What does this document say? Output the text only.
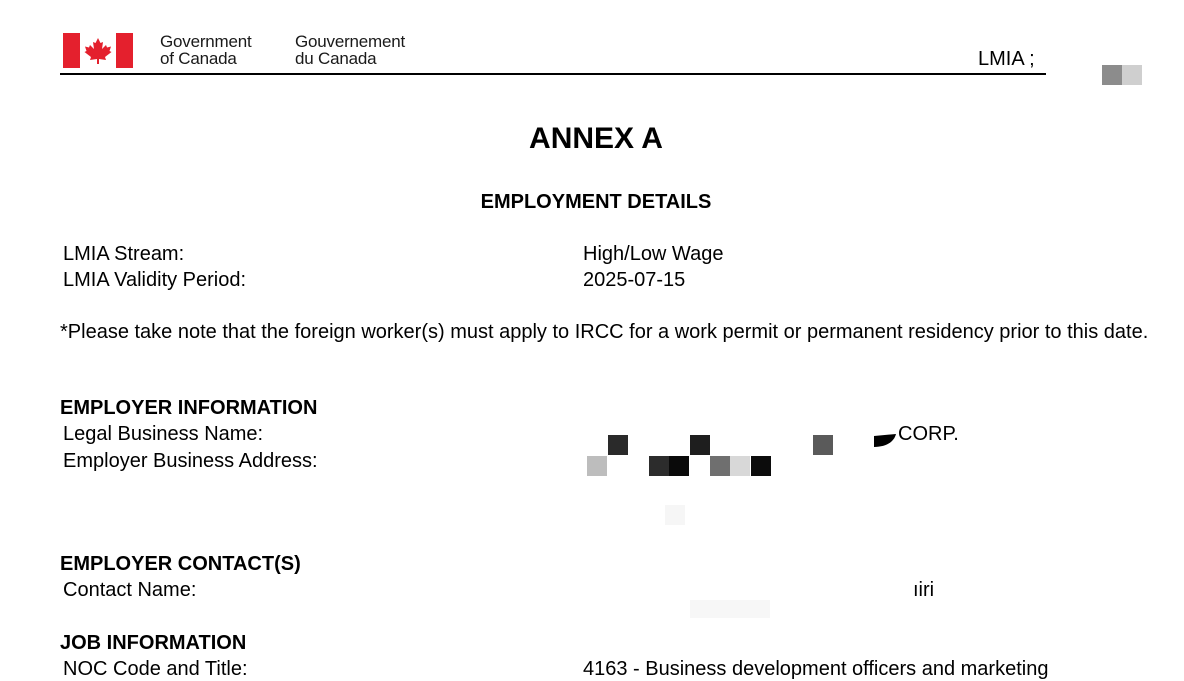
Government
of Canada
Gouvernement
du Canada	LMIA ;
ANNEX A
EMPLOYMENT DETAILS
LMIA Stream:	High/Low Wage
LMIA Validity Period:	2025-07-15
*Please take note that the foreign worker(s) must apply to IRCC for a work permit or permanent residency prior to this date.
EMPLOYER INFORMATION
Legal Business Name:	CORP.
Employer Business Address:
EMPLOYER CONTACT(S)
Contact Name:	ıiri
JOB INFORMATION
NOC Code and Title:	4163 - Business development officers and marketing
